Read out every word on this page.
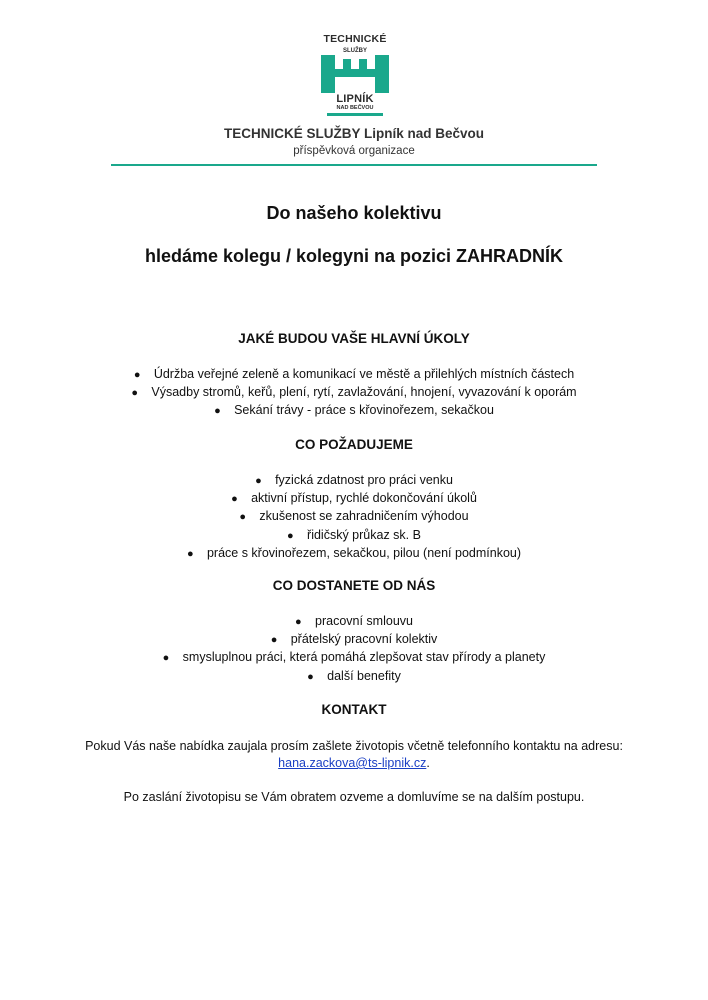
TECHNICKÉ
SLUŽBY
LIPNÍK
NAD BEČVOU
TECHNICKÉ SLUŽBY Lipník nad Bečvou
příspěvková organizace
Do našeho kolektivu
hledáme kolegu / kolegyni na pozici ZAHRADNÍK
JAKÉ BUDOU VAŠE HLAVNÍ ÚKOLY
● Údržba veřejné zeleně a komunikací ve městě a přilehlých místních částech
● Výsadby stromů, keřů, plení, rytí, zavlažování, hnojení, vyvazování k oporám
● Sekání trávy - práce s křovinořezem, sekačkou
CO POŽADUJEME
● fyzická zdatnost pro práci venku
● aktivní přístup, rychlé dokončování úkolů
● zkušenost se zahradničením výhodou
● řidičský průkaz sk. B
● práce s křovinořezem, sekačkou, pilou (není podmínkou)
CO DOSTANETE OD NÁS
● pracovní smlouvu
● přátelský pracovní kolektiv
● smysluplnou práci, která pomáhá zlepšovat stav přírody a planety
● další benefity
KONTAKT
Pokud Vás naše nabídka zaujala prosím zašlete životopis včetně telefonního kontaktu na adresu:
hana.zackova@ts-lipnik.cz.
Po zaslání životopisu se Vám obratem ozveme a domluvíme se na dalším postupu.
